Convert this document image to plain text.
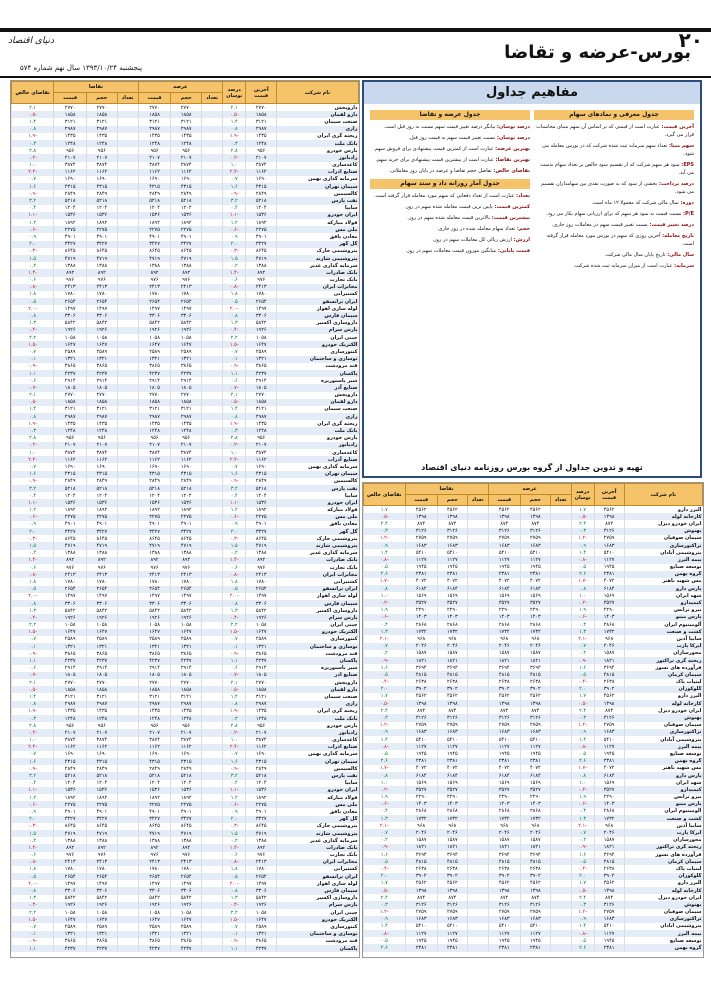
۲۰
دنیای اقتصاد
بورس-عرضه و تقاضا
پنجشنبه ۱۳۹۳/۱۰/۲۴ سال نهم شماره ۵۷۴
نام شرکت	آخرین قیمت	درصد نوسان	عرضه			تقاضا			تقاضای خالص
			تعداد	حجم	قیمت	تعداد	حجم	قیمت	
داروپخش	۲۷۷۰	۲.۱		۲۷۷۰	۲۷۷۰		۲۷۷۰	۲۷۷۰	۲.۱
دارو لقمان	۱۸۵۸	-۰.۵		۱۸۵۸	۱۸۵۸		۱۸۵۸	۱۸۵۸	-۰.۵
صنعت سیمان	۳۱۲۱	۱.۴		۳۱۲۱	۳۱۲۱		۳۱۲۱	۳۱۲۱	۱.۴
رازی	۲۹۸۷	۰.۸		۲۹۸۷	۲۹۸۷		۲۹۸۷	۲۹۸۷	۰.۸
ریخته گری ایران	۱۴۳۵	-۱.۹		۱۴۳۵	۱۴۳۵		۱۴۳۵	۱۴۳۵	-۱.۹
بانک ملت	۱۲۴۸	۰.۳		۱۲۴۸	۱۲۴۸		۱۲۴۸	۱۲۴۸	۰.۳
پارس خودرو	۹۵۶	۲.۸		۹۵۶	۹۵۶		۹۵۶	۹۵۶	۲.۸
رادیاتور	۲۱۰۷	-۰.۲		۲۱۰۷	۲۱۰۷		۲۱۰۷	۲۱۰۷	-۰.۲
کاغذسازی	۳۸۷۴	۱.۰		۳۸۷۴	۳۸۷۴		۳۸۷۴	۳۸۷۴	۱.۰
صنایع آذراب	۱۱۶۲	-۲.۴		۱۱۶۲	۱۱۶۲		۱۱۶۲	۱۱۶۲	-۲.۴
سرمایه گذاری بهمن	۱۶۹۰	۰.۷		۱۶۹۰	۱۶۹۰		۱۶۹۰	۱۶۹۰	۰.۷
سیمان تهران	۴۳۱۵	۱.۶		۴۳۱۵	۴۳۱۵		۴۳۱۵	۴۳۱۵	۱.۶
کالسیمین	۲۸۴۹	-۰.۹		۲۸۴۹	۲۸۴۹		۲۸۴۹	۲۸۴۹	-۰.۹
نفت پارس	۵۲۱۸	۳.۲		۵۲۱۸	۵۲۱۸		۵۲۱۸	۵۲۱۸	۳.۲
سایپا	۱۲۰۴	۰.۴		۱۲۰۴	۱۲۰۴		۱۲۰۴	۱۲۰۴	۰.۴
ایران خودرو	۱۵۳۶	-۱.۱		۱۵۳۶	۱۵۳۶		۱۵۳۶	۱۵۳۶	-۱.۱
فولاد مبارکه	۱۸۹۲	۱.۲		۱۸۹۲	۱۸۹۲		۱۸۹۲	۱۸۹۲	۱.۲
ملی مس	۲۲۷۵	-۰.۶		۲۲۷۵	۲۲۷۵		۲۲۷۵	۲۲۷۵	-۰.۶
معادن بافق	۴۹۰۱	۰.۹		۴۹۰۱	۴۹۰۱		۴۹۰۱	۴۹۰۱	۰.۹
گل گهر	۳۴۲۷	۲.۰		۳۴۲۷	۳۴۲۷		۳۴۲۷	۳۴۲۷	۲.۰
پتروشیمی خارک	۸۶۴۵	-۰.۳		۸۶۴۵	۸۶۴۵		۸۶۴۵	۸۶۴۵	-۰.۳
پتروشیمی شازند	۴۷۱۹	۱.۵		۴۷۱۹	۴۷۱۹		۴۷۱۹	۴۷۱۹	۱.۵
سرمایه گذاری غدیر	۱۳۸۸	۰.۲		۱۳۸۸	۱۳۸۸		۱۳۸۸	۱۳۸۸	۰.۲
بانک صادرات	۸۹۲	-۱.۴		۸۹۲	۸۹۲		۸۹۲	۸۹۲	-۱.۴
بانک تجارت	۹۷۶	۰.۶		۹۷۶	۹۷۶		۹۷۶	۹۷۶	۰.۶
مخابرات ایران	۲۴۱۳	-۰.۸		۲۴۱۳	۲۴۱۳		۲۴۱۳	۲۴۱۳	-۰.۸
کشتیرانی	۱۷۸۰	۱.۸		۱۷۸۰	۱۷۸۰		۱۷۸۰	۱۷۸۰	۱.۸
ایران ترانسفو	۲۶۵۴	۰.۵		۲۶۵۴	۲۶۵۴		۲۶۵۴	۲۶۵۴	۰.۵
لوله سازی اهواز	۱۴۹۷	-۲.۰		۱۴۹۷	۱۴۹۷		۱۴۹۷	۱۴۹۷	-۲.۰
سیمان فارس	۳۳۰۶	۰.۸		۳۳۰۶	۳۳۰۶		۳۳۰۶	۳۳۰۶	۰.۸
داروسازی اکسیر	۵۸۴۲	۱.۳		۵۸۴۲	۵۸۴۲		۵۸۴۲	۵۸۴۲	۱.۳
پارس سرام	۱۹۲۶	-۰.۴		۱۹۲۶	۱۹۲۶		۱۹۲۶	۱۹۲۶	-۰.۴
چینی ایران	۱۰۵۸	۲.۲		۱۰۵۸	۱۰۵۸		۱۰۵۸	۱۰۵۸	۲.۲
الکتریک خودرو	۱۶۴۷	-۱.۵		۱۶۴۷	۱۶۴۷		۱۶۴۷	۱۶۴۷	-۱.۵
کنتورسازی	۲۵۸۹	۰.۷		۲۵۸۹	۲۵۸۹		۲۵۸۹	۲۵۸۹	۰.۷
نوسازی و ساختمان	۱۳۲۱	۰.۱		۱۳۲۱	۱۳۲۱		۱۳۲۱	۱۳۲۱	۰.۱
قند مرودشت	۳۸۶۵	-۰.۹		۳۸۶۵	۳۸۶۵		۳۸۶۵	۳۸۶۵	-۰.۹
پاکسان	۴۲۳۷	۱.۱		۴۲۳۷	۴۲۳۷		۴۲۳۷	۴۲۳۷	۱.۱
شیر پاستوریزه	۲۹۱۴	۰.۶		۲۹۱۴	۲۹۱۴		۲۹۱۴	۲۹۱۴	۰.۶
صنایع آذر	۱۸۰۵	-۰.۷		۱۸۰۵	۱۸۰۵		۱۸۰۵	۱۸۰۵	-۰.۷
داروپخش	۲۷۷۰	۲.۱		۲۷۷۰	۲۷۷۰		۲۷۷۰	۲۷۷۰	۲.۱
دارو لقمان	۱۸۵۸	-۰.۵		۱۸۵۸	۱۸۵۸		۱۸۵۸	۱۸۵۸	-۰.۵
صنعت سیمان	۳۱۲۱	۱.۴		۳۱۲۱	۳۱۲۱		۳۱۲۱	۳۱۲۱	۱.۴
رازی	۲۹۸۷	۰.۸		۲۹۸۷	۲۹۸۷		۲۹۸۷	۲۹۸۷	۰.۸
ریخته گری ایران	۱۴۳۵	-۱.۹		۱۴۳۵	۱۴۳۵		۱۴۳۵	۱۴۳۵	-۱.۹
بانک ملت	۱۲۴۸	۰.۳		۱۲۴۸	۱۲۴۸		۱۲۴۸	۱۲۴۸	۰.۳
پارس خودرو	۹۵۶	۲.۸		۹۵۶	۹۵۶		۹۵۶	۹۵۶	۲.۸
رادیاتور	۲۱۰۷	-۰.۲		۲۱۰۷	۲۱۰۷		۲۱۰۷	۲۱۰۷	-۰.۲
کاغذسازی	۳۸۷۴	۱.۰		۳۸۷۴	۳۸۷۴		۳۸۷۴	۳۸۷۴	۱.۰
صنایع آذراب	۱۱۶۲	-۲.۴		۱۱۶۲	۱۱۶۲		۱۱۶۲	۱۱۶۲	-۲.۴
سرمایه گذاری بهمن	۱۶۹۰	۰.۷		۱۶۹۰	۱۶۹۰		۱۶۹۰	۱۶۹۰	۰.۷
سیمان تهران	۴۳۱۵	۱.۶		۴۳۱۵	۴۳۱۵		۴۳۱۵	۴۳۱۵	۱.۶
کالسیمین	۲۸۴۹	-۰.۹		۲۸۴۹	۲۸۴۹		۲۸۴۹	۲۸۴۹	-۰.۹
نفت پارس	۵۲۱۸	۳.۲		۵۲۱۸	۵۲۱۸		۵۲۱۸	۵۲۱۸	۳.۲
سایپا	۱۲۰۴	۰.۴		۱۲۰۴	۱۲۰۴		۱۲۰۴	۱۲۰۴	۰.۴
ایران خودرو	۱۵۳۶	-۱.۱		۱۵۳۶	۱۵۳۶		۱۵۳۶	۱۵۳۶	-۱.۱
فولاد مبارکه	۱۸۹۲	۱.۲		۱۸۹۲	۱۸۹۲		۱۸۹۲	۱۸۹۲	۱.۲
ملی مس	۲۲۷۵	-۰.۶		۲۲۷۵	۲۲۷۵		۲۲۷۵	۲۲۷۵	-۰.۶
معادن بافق	۴۹۰۱	۰.۹		۴۹۰۱	۴۹۰۱		۴۹۰۱	۴۹۰۱	۰.۹
گل گهر	۳۴۲۷	۲.۰		۳۴۲۷	۳۴۲۷		۳۴۲۷	۳۴۲۷	۲.۰
پتروشیمی خارک	۸۶۴۵	-۰.۳		۸۶۴۵	۸۶۴۵		۸۶۴۵	۸۶۴۵	-۰.۳
پتروشیمی شازند	۴۷۱۹	۱.۵		۴۷۱۹	۴۷۱۹		۴۷۱۹	۴۷۱۹	۱.۵
سرمایه گذاری غدیر	۱۳۸۸	۰.۲		۱۳۸۸	۱۳۸۸		۱۳۸۸	۱۳۸۸	۰.۲
بانک صادرات	۸۹۲	-۱.۴		۸۹۲	۸۹۲		۸۹۲	۸۹۲	-۱.۴
بانک تجارت	۹۷۶	۰.۶		۹۷۶	۹۷۶		۹۷۶	۹۷۶	۰.۶
مخابرات ایران	۲۴۱۳	-۰.۸		۲۴۱۳	۲۴۱۳		۲۴۱۳	۲۴۱۳	-۰.۸
کشتیرانی	۱۷۸۰	۱.۸		۱۷۸۰	۱۷۸۰		۱۷۸۰	۱۷۸۰	۱.۸
ایران ترانسفو	۲۶۵۴	۰.۵		۲۶۵۴	۲۶۵۴		۲۶۵۴	۲۶۵۴	۰.۵
لوله سازی اهواز	۱۴۹۷	-۲.۰		۱۴۹۷	۱۴۹۷		۱۴۹۷	۱۴۹۷	-۲.۰
سیمان فارس	۳۳۰۶	۰.۸		۳۳۰۶	۳۳۰۶		۳۳۰۶	۳۳۰۶	۰.۸
داروسازی اکسیر	۵۸۴۲	۱.۳		۵۸۴۲	۵۸۴۲		۵۸۴۲	۵۸۴۲	۱.۳
پارس سرام	۱۹۲۶	-۰.۴		۱۹۲۶	۱۹۲۶		۱۹۲۶	۱۹۲۶	-۰.۴
چینی ایران	۱۰۵۸	۲.۲		۱۰۵۸	۱۰۵۸		۱۰۵۸	۱۰۵۸	۲.۲
الکتریک خودرو	۱۶۴۷	-۱.۵		۱۶۴۷	۱۶۴۷		۱۶۴۷	۱۶۴۷	-۱.۵
کنتورسازی	۲۵۸۹	۰.۷		۲۵۸۹	۲۵۸۹		۲۵۸۹	۲۵۸۹	۰.۷
نوسازی و ساختمان	۱۳۲۱	۰.۱		۱۳۲۱	۱۳۲۱		۱۳۲۱	۱۳۲۱	۰.۱
قند مرودشت	۳۸۶۵	-۰.۹		۳۸۶۵	۳۸۶۵		۳۸۶۵	۳۸۶۵	-۰.۹
پاکسان	۴۲۳۷	۱.۱		۴۲۳۷	۴۲۳۷		۴۲۳۷	۴۲۳۷	۱.۱
شیر پاستوریزه	۲۹۱۴	۰.۶		۲۹۱۴	۲۹۱۴		۲۹۱۴	۲۹۱۴	۰.۶
صنایع آذر	۱۸۰۵	-۰.۷		۱۸۰۵	۱۸۰۵		۱۸۰۵	۱۸۰۵	-۰.۷
داروپخش	۲۷۷۰	۲.۱		۲۷۷۰	۲۷۷۰		۲۷۷۰	۲۷۷۰	۲.۱
دارو لقمان	۱۸۵۸	-۰.۵		۱۸۵۸	۱۸۵۸		۱۸۵۸	۱۸۵۸	-۰.۵
صنعت سیمان	۳۱۲۱	۱.۴		۳۱۲۱	۳۱۲۱		۳۱۲۱	۳۱۲۱	۱.۴
رازی	۲۹۸۷	۰.۸		۲۹۸۷	۲۹۸۷		۲۹۸۷	۲۹۸۷	۰.۸
ریخته گری ایران	۱۴۳۵	-۱.۹		۱۴۳۵	۱۴۳۵		۱۴۳۵	۱۴۳۵	-۱.۹
بانک ملت	۱۲۴۸	۰.۳		۱۲۴۸	۱۲۴۸		۱۲۴۸	۱۲۴۸	۰.۳
پارس خودرو	۹۵۶	۲.۸		۹۵۶	۹۵۶		۹۵۶	۹۵۶	۲.۸
رادیاتور	۲۱۰۷	-۰.۲		۲۱۰۷	۲۱۰۷		۲۱۰۷	۲۱۰۷	-۰.۲
کاغذسازی	۳۸۷۴	۱.۰		۳۸۷۴	۳۸۷۴		۳۸۷۴	۳۸۷۴	۱.۰
صنایع آذراب	۱۱۶۲	-۲.۴		۱۱۶۲	۱۱۶۲		۱۱۶۲	۱۱۶۲	-۲.۴
سرمایه گذاری بهمن	۱۶۹۰	۰.۷		۱۶۹۰	۱۶۹۰		۱۶۹۰	۱۶۹۰	۰.۷
سیمان تهران	۴۳۱۵	۱.۶		۴۳۱۵	۴۳۱۵		۴۳۱۵	۴۳۱۵	۱.۶
کالسیمین	۲۸۴۹	-۰.۹		۲۸۴۹	۲۸۴۹		۲۸۴۹	۲۸۴۹	-۰.۹
نفت پارس	۵۲۱۸	۳.۲		۵۲۱۸	۵۲۱۸		۵۲۱۸	۵۲۱۸	۳.۲
سایپا	۱۲۰۴	۰.۴		۱۲۰۴	۱۲۰۴		۱۲۰۴	۱۲۰۴	۰.۴
ایران خودرو	۱۵۳۶	-۱.۱		۱۵۳۶	۱۵۳۶		۱۵۳۶	۱۵۳۶	-۱.۱
فولاد مبارکه	۱۸۹۲	۱.۲		۱۸۹۲	۱۸۹۲		۱۸۹۲	۱۸۹۲	۱.۲
ملی مس	۲۲۷۵	-۰.۶		۲۲۷۵	۲۲۷۵		۲۲۷۵	۲۲۷۵	-۰.۶
معادن بافق	۴۹۰۱	۰.۹		۴۹۰۱	۴۹۰۱		۴۹۰۱	۴۹۰۱	۰.۹
گل گهر	۳۴۲۷	۲.۰		۳۴۲۷	۳۴۲۷		۳۴۲۷	۳۴۲۷	۲.۰
پتروشیمی خارک	۸۶۴۵	-۰.۳		۸۶۴۵	۸۶۴۵		۸۶۴۵	۸۶۴۵	-۰.۳
پتروشیمی شازند	۴۷۱۹	۱.۵		۴۷۱۹	۴۷۱۹		۴۷۱۹	۴۷۱۹	۱.۵
سرمایه گذاری غدیر	۱۳۸۸	۰.۲		۱۳۸۸	۱۳۸۸		۱۳۸۸	۱۳۸۸	۰.۲
بانک صادرات	۸۹۲	-۱.۴		۸۹۲	۸۹۲		۸۹۲	۸۹۲	-۱.۴
بانک تجارت	۹۷۶	۰.۶		۹۷۶	۹۷۶		۹۷۶	۹۷۶	۰.۶
مخابرات ایران	۲۴۱۳	-۰.۸		۲۴۱۳	۲۴۱۳		۲۴۱۳	۲۴۱۳	-۰.۸
کشتیرانی	۱۷۸۰	۱.۸		۱۷۸۰	۱۷۸۰		۱۷۸۰	۱۷۸۰	۱.۸
ایران ترانسفو	۲۶۵۴	۰.۵		۲۶۵۴	۲۶۵۴		۲۶۵۴	۲۶۵۴	۰.۵
لوله سازی اهواز	۱۴۹۷	-۲.۰		۱۴۹۷	۱۴۹۷		۱۴۹۷	۱۴۹۷	-۲.۰
سیمان فارس	۳۳۰۶	۰.۸		۳۳۰۶	۳۳۰۶		۳۳۰۶	۳۳۰۶	۰.۸
داروسازی اکسیر	۵۸۴۲	۱.۳		۵۸۴۲	۵۸۴۲		۵۸۴۲	۵۸۴۲	۱.۳
پارس سرام	۱۹۲۶	-۰.۴		۱۹۲۶	۱۹۲۶		۱۹۲۶	۱۹۲۶	-۰.۴
چینی ایران	۱۰۵۸	۲.۲		۱۰۵۸	۱۰۵۸		۱۰۵۸	۱۰۵۸	۲.۲
الکتریک خودرو	۱۶۴۷	-۱.۵		۱۶۴۷	۱۶۴۷		۱۶۴۷	۱۶۴۷	-۱.۵
کنتورسازی	۲۵۸۹	۰.۷		۲۵۸۹	۲۵۸۹		۲۵۸۹	۲۵۸۹	۰.۷
نوسازی و ساختمان	۱۳۲۱	۰.۱		۱۳۲۱	۱۳۲۱		۱۳۲۱	۱۳۲۱	۰.۱
قند مرودشت	۳۸۶۵	-۰.۹		۳۸۶۵	۳۸۶۵		۳۸۶۵	۳۸۶۵	-۰.۹
پاکسان	۴۲۳۷	۱.۱		۴۲۳۷	۴۲۳۷		۴۲۳۷	۴۲۳۷	۱.۱
مفاهیم جداول
جدول معرفی و نمادهای سهام

آخرین قیمت: عبارت است از قیمتی که بر اساس آن سهم مبنای محاسبات قرار می گیرد.

سهم مبنا: تعداد سهم سرمایه ثبت شده شرکت که در بورس معامله می شود.

EPS: سود هر سهم شرکت که از تقسیم سود خالص بر تعداد سهام بدست می آید.

درصد پرداخت: بخشی از سود که به صورت نقدی بین سهامداران تقسیم می شود.

دوره: سال مالی شرکت که معمولا ۱۲ ماه است.

P/E: نسبت قیمت به سود هر سهم که برای ارزیابی سهام بکار می رود.

درصد تغییر قیمت: نسبت تغییر قیمت سهم در معاملات روز جاری.

تاریخ معامله: آخرین روزی که سهم در بورس مورد معامله قرار گرفته است.

سال مالی: تاریخ پایان سال مالی شرکت.

سرمایه: عبارت است از میزان سرمایه ثبت شده شرکت.

جدول عرضه و تقاضا

درصد نوسان: بیانگر درصد تغییر قیمت سهم نسبت به روز قبل است.

درصد نوسان: نسبت تغییر قیمت سهم به قیمت روز قبل.

بهترین عرضه: عبارت است از کمترین قیمت پیشنهادی برای فروش سهم.

بهترین تقاضا: عبارت است از بیشترین قیمت پیشنهادی برای خرید سهم.

تقاضای خالص: تفاضل حجم تقاضا و عرضه در پایان روز معاملاتی.

جدول آمار روزانه داد و ستد سهام

تعداد: عبارت است از تعداد دفعاتی که سهم مورد معامله قرار گرفته است.

کمترین قیمت: پایین ترین قیمت معامله شده سهم در روز.

بیشترین قیمت: بالاترین قیمت معامله شده سهم در روز.

حجم: تعداد سهام معامله شده در روز جاری.

ارزش: ارزش ریالی کل معاملات سهم در روز.

قیمت پایانی: میانگین موزون قیمت معاملات سهم در روز.

تهیه و تدوین جداول از گروه بورس روزنامه دنیای اقتصاد
نام شرکت	آخرین قیمت	درصد نوسان	عرضه			تقاضا			تقاضای خالص
			تعداد	حجم	قیمت	تعداد	حجم	قیمت	
البرز دارو	۴۵۶۲	۱.۷		۴۵۶۲	۴۵۶۲		۴۵۶۲	۴۵۶۲	۱.۷
کارخانه لوله	۱۳۹۸	-۰.۵		۱۳۹۸	۱۳۹۸		۱۳۹۸	۱۳۹۸	-۰.۵
ایران خودرو دیزل	۸۷۴	۲.۴		۸۷۴	۸۷۴		۸۷۴	۸۷۴	۲.۴
بهنوش	۳۱۲۶	۰.۳		۳۱۲۶	۳۱۲۶		۳۱۲۶	۳۱۲۶	۰.۳
سیمان صوفیان	۲۷۵۹	-۱.۲		۲۷۵۹	۲۷۵۹		۲۷۵۹	۲۷۵۹	-۱.۲
تراکتورسازی	۱۶۸۳	۰.۹		۱۶۸۳	۱۶۸۳		۱۶۸۳	۱۶۸۳	۰.۹
پتروشیمی آبادان	۵۴۱۰	۱.۴		۵۴۱۰	۵۴۱۰		۵۴۱۰	۵۴۱۰	۱.۴
بیمه البرز	۱۱۲۷	-۰.۸		۱۱۲۷	۱۱۲۷		۱۱۲۷	۱۱۲۷	-۰.۸
توسعه صنایع	۱۹۴۵	۰.۵		۱۹۴۵	۱۹۴۵		۱۹۴۵	۱۹۴۵	۰.۵
گروه بهمن	۲۳۸۱	۲.۶		۲۳۸۱	۲۳۸۱		۲۳۸۱	۲۳۸۱	۲.۶
مس شهید باهنر	۴۰۷۲	-۱.۷		۴۰۷۲	۴۰۷۲		۴۰۷۲	۴۰۷۲	-۱.۷
پارس دارو	۶۱۸۴	۰.۸		۶۱۸۴	۶۱۸۴		۶۱۸۴	۶۱۸۴	۰.۸
شهد ایران	۱۵۶۹	۱.۰		۱۵۶۹	۱۵۶۹		۱۵۶۹	۱۵۶۹	۱.۰
کیمیدارو	۳۵۲۷	-۰.۲		۳۵۲۷	۳۵۲۷		۳۵۲۷	۳۵۲۷	-۰.۲
نیرو ترانس	۲۲۹۰	۱.۹		۲۲۹۰	۲۲۹۰		۲۲۹۰	۲۲۹۰	۱.۹
پارس مینو	۱۴۰۳	-۰.۶		۱۴۰۳	۱۴۰۳		۱۴۰۳	۱۴۰۳	-۰.۶
آلومینیوم ایران	۲۸۶۸	۰.۴		۲۸۶۸	۲۸۶۸		۲۸۶۸	۲۸۶۸	۰.۴
کشت و صنعت	۱۷۳۲	۱.۳		۱۷۳۲	۱۷۳۲		۱۷۳۲	۱۷۳۲	۱.۳
سایپا آذین	۹۶۸	-۲.۱		۹۶۸	۹۶۸		۹۶۸	۹۶۸	-۲.۱
ایرکا پارت	۲۰۴۶	۰.۷		۲۰۴۶	۲۰۴۶		۲۰۴۶	۲۰۴۶	۰.۷
محورسازان	۱۵۸۷	۰.۲		۱۵۸۷	۱۵۸۷		۱۵۸۷	۱۵۸۷	۰.۲
ریخته گری تراکتور	۱۸۲۱	-۰.۹		۱۸۲۱	۱۸۲۱		۱۸۲۱	۱۸۲۱	-۰.۹
فرآورده های نسوز	۳۶۹۴	۱.۶		۳۶۹۴	۳۶۹۴		۳۶۹۴	۳۶۹۴	۱.۶
سیمان کرمان	۴۸۱۵	۰.۵		۴۸۱۵	۴۸۱۵		۴۸۱۵	۴۸۱۵	۰.۵
لبنیات پاک	۲۶۳۸	-۰.۴		۲۶۳۸	۲۶۳۸		۲۶۳۸	۲۶۳۸	-۰.۴
گلوکوزان	۳۹۰۲	۲.۰		۳۹۰۲	۳۹۰۲		۳۹۰۲	۳۹۰۲	۲.۰
البرز دارو	۴۵۶۲	۱.۷		۴۵۶۲	۴۵۶۲		۴۵۶۲	۴۵۶۲	۱.۷
کارخانه لوله	۱۳۹۸	-۰.۵		۱۳۹۸	۱۳۹۸		۱۳۹۸	۱۳۹۸	-۰.۵
ایران خودرو دیزل	۸۷۴	۲.۴		۸۷۴	۸۷۴		۸۷۴	۸۷۴	۲.۴
بهنوش	۳۱۲۶	۰.۳		۳۱۲۶	۳۱۲۶		۳۱۲۶	۳۱۲۶	۰.۳
سیمان صوفیان	۲۷۵۹	-۱.۲		۲۷۵۹	۲۷۵۹		۲۷۵۹	۲۷۵۹	-۱.۲
تراکتورسازی	۱۶۸۳	۰.۹		۱۶۸۳	۱۶۸۳		۱۶۸۳	۱۶۸۳	۰.۹
پتروشیمی آبادان	۵۴۱۰	۱.۴		۵۴۱۰	۵۴۱۰		۵۴۱۰	۵۴۱۰	۱.۴
بیمه البرز	۱۱۲۷	-۰.۸		۱۱۲۷	۱۱۲۷		۱۱۲۷	۱۱۲۷	-۰.۸
توسعه صنایع	۱۹۴۵	۰.۵		۱۹۴۵	۱۹۴۵		۱۹۴۵	۱۹۴۵	۰.۵
گروه بهمن	۲۳۸۱	۲.۶		۲۳۸۱	۲۳۸۱		۲۳۸۱	۲۳۸۱	۲.۶
مس شهید باهنر	۴۰۷۲	-۱.۷		۴۰۷۲	۴۰۷۲		۴۰۷۲	۴۰۷۲	-۱.۷
پارس دارو	۶۱۸۴	۰.۸		۶۱۸۴	۶۱۸۴		۶۱۸۴	۶۱۸۴	۰.۸
شهد ایران	۱۵۶۹	۱.۰		۱۵۶۹	۱۵۶۹		۱۵۶۹	۱۵۶۹	۱.۰
کیمیدارو	۳۵۲۷	-۰.۲		۳۵۲۷	۳۵۲۷		۳۵۲۷	۳۵۲۷	-۰.۲
نیرو ترانس	۲۲۹۰	۱.۹		۲۲۹۰	۲۲۹۰		۲۲۹۰	۲۲۹۰	۱.۹
پارس مینو	۱۴۰۳	-۰.۶		۱۴۰۳	۱۴۰۳		۱۴۰۳	۱۴۰۳	-۰.۶
آلومینیوم ایران	۲۸۶۸	۰.۴		۲۸۶۸	۲۸۶۸		۲۸۶۸	۲۸۶۸	۰.۴
کشت و صنعت	۱۷۳۲	۱.۳		۱۷۳۲	۱۷۳۲		۱۷۳۲	۱۷۳۲	۱.۳
سایپا آذین	۹۶۸	-۲.۱		۹۶۸	۹۶۸		۹۶۸	۹۶۸	-۲.۱
ایرکا پارت	۲۰۴۶	۰.۷		۲۰۴۶	۲۰۴۶		۲۰۴۶	۲۰۴۶	۰.۷
محورسازان	۱۵۸۷	۰.۲		۱۵۸۷	۱۵۸۷		۱۵۸۷	۱۵۸۷	۰.۲
ریخته گری تراکتور	۱۸۲۱	-۰.۹		۱۸۲۱	۱۸۲۱		۱۸۲۱	۱۸۲۱	-۰.۹
فرآورده های نسوز	۳۶۹۴	۱.۶		۳۶۹۴	۳۶۹۴		۳۶۹۴	۳۶۹۴	۱.۶
سیمان کرمان	۴۸۱۵	۰.۵		۴۸۱۵	۴۸۱۵		۴۸۱۵	۴۸۱۵	۰.۵
لبنیات پاک	۲۶۳۸	-۰.۴		۲۶۳۸	۲۶۳۸		۲۶۳۸	۲۶۳۸	-۰.۴
گلوکوزان	۳۹۰۲	۲.۰		۳۹۰۲	۳۹۰۲		۳۹۰۲	۳۹۰۲	۲.۰
البرز دارو	۴۵۶۲	۱.۷		۴۵۶۲	۴۵۶۲		۴۵۶۲	۴۵۶۲	۱.۷
کارخانه لوله	۱۳۹۸	-۰.۵		۱۳۹۸	۱۳۹۸		۱۳۹۸	۱۳۹۸	-۰.۵
ایران خودرو دیزل	۸۷۴	۲.۴		۸۷۴	۸۷۴		۸۷۴	۸۷۴	۲.۴
بهنوش	۳۱۲۶	۰.۳		۳۱۲۶	۳۱۲۶		۳۱۲۶	۳۱۲۶	۰.۳
سیمان صوفیان	۲۷۵۹	-۱.۲		۲۷۵۹	۲۷۵۹		۲۷۵۹	۲۷۵۹	-۱.۲
تراکتورسازی	۱۶۸۳	۰.۹		۱۶۸۳	۱۶۸۳		۱۶۸۳	۱۶۸۳	۰.۹
پتروشیمی آبادان	۵۴۱۰	۱.۴		۵۴۱۰	۵۴۱۰		۵۴۱۰	۵۴۱۰	۱.۴
بیمه البرز	۱۱۲۷	-۰.۸		۱۱۲۷	۱۱۲۷		۱۱۲۷	۱۱۲۷	-۰.۸
توسعه صنایع	۱۹۴۵	۰.۵		۱۹۴۵	۱۹۴۵		۱۹۴۵	۱۹۴۵	۰.۵
گروه بهمن	۲۳۸۱	۲.۶		۲۳۸۱	۲۳۸۱		۲۳۸۱	۲۳۸۱	۲.۶
